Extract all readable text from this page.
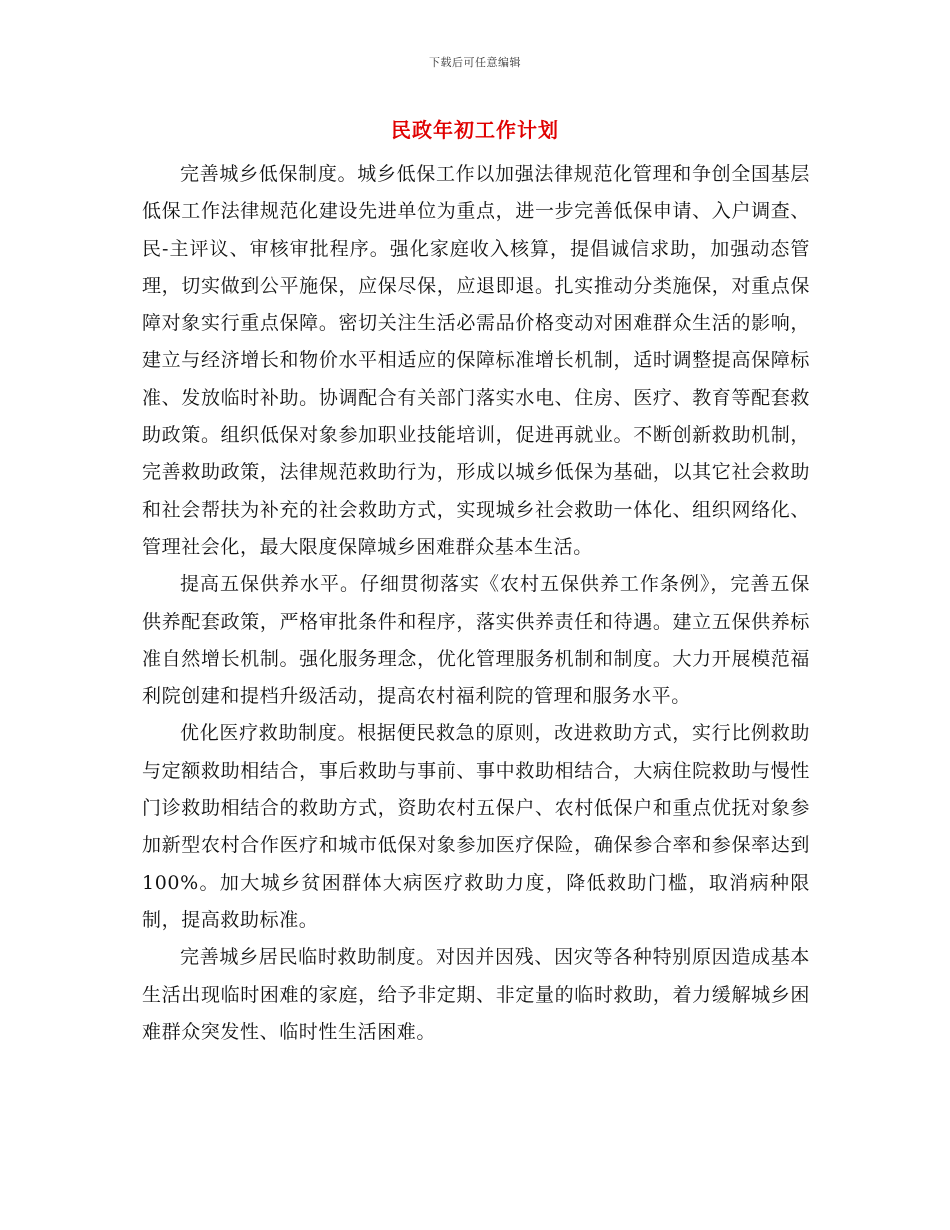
下载后可任意编辑
民政年初工作计划

完善城乡低保制度。城乡低保工作以加强法律规范化管理和争创全国基层低保工作法律规范化建设先进单位为重点，进一步完善低保申请、入户调查、民-主评议、审核审批程序。强化家庭收入核算，提倡诚信求助，加强动态管理，切实做到公平施保，应保尽保，应退即退。扎实推动分类施保，对重点保障对象实行重点保障。密切关注生活必需品价格变动对困难群众生活的影响，建立与经济增长和物价水平相适应的保障标准增长机制，适时调整提高保障标准、发放临时补助。协调配合有关部门落实水电、住房、医疗、教育等配套救助政策。组织低保对象参加职业技能培训，促进再就业。不断创新救助机制，完善救助政策，法律规范救助行为，形成以城乡低保为基础，以其它社会救助和社会帮扶为补充的社会救助方式，实现城乡社会救助一体化、组织网络化、管理社会化，最大限度保障城乡困难群众基本生活。

提高五保供养水平。仔细贯彻落实《农村五保供养工作条例》，完善五保供养配套政策，严格审批条件和程序，落实供养责任和待遇。建立五保供养标准自然增长机制。强化服务理念，优化管理服务机制和制度。大力开展模范福利院创建和提档升级活动，提高农村福利院的管理和服务水平。

优化医疗救助制度。根据便民救急的原则，改进救助方式，实行比例救助与定额救助相结合，事后救助与事前、事中救助相结合，大病住院救助与慢性门诊救助相结合的救助方式，资助农村五保户、农村低保户和重点优抚对象参加新型农村合作医疗和城市低保对象参加医疗保险，确保参合率和参保率达到100%。加大城乡贫困群体大病医疗救助力度，降低救助门槛，取消病种限制，提高救助标准。

完善城乡居民临时救助制度。对因并因残、因灾等各种特别原因造成基本生活出现临时困难的家庭，给予非定期、非定量的临时救助，着力缓解城乡困难群众突发性、临时性生活困难。
